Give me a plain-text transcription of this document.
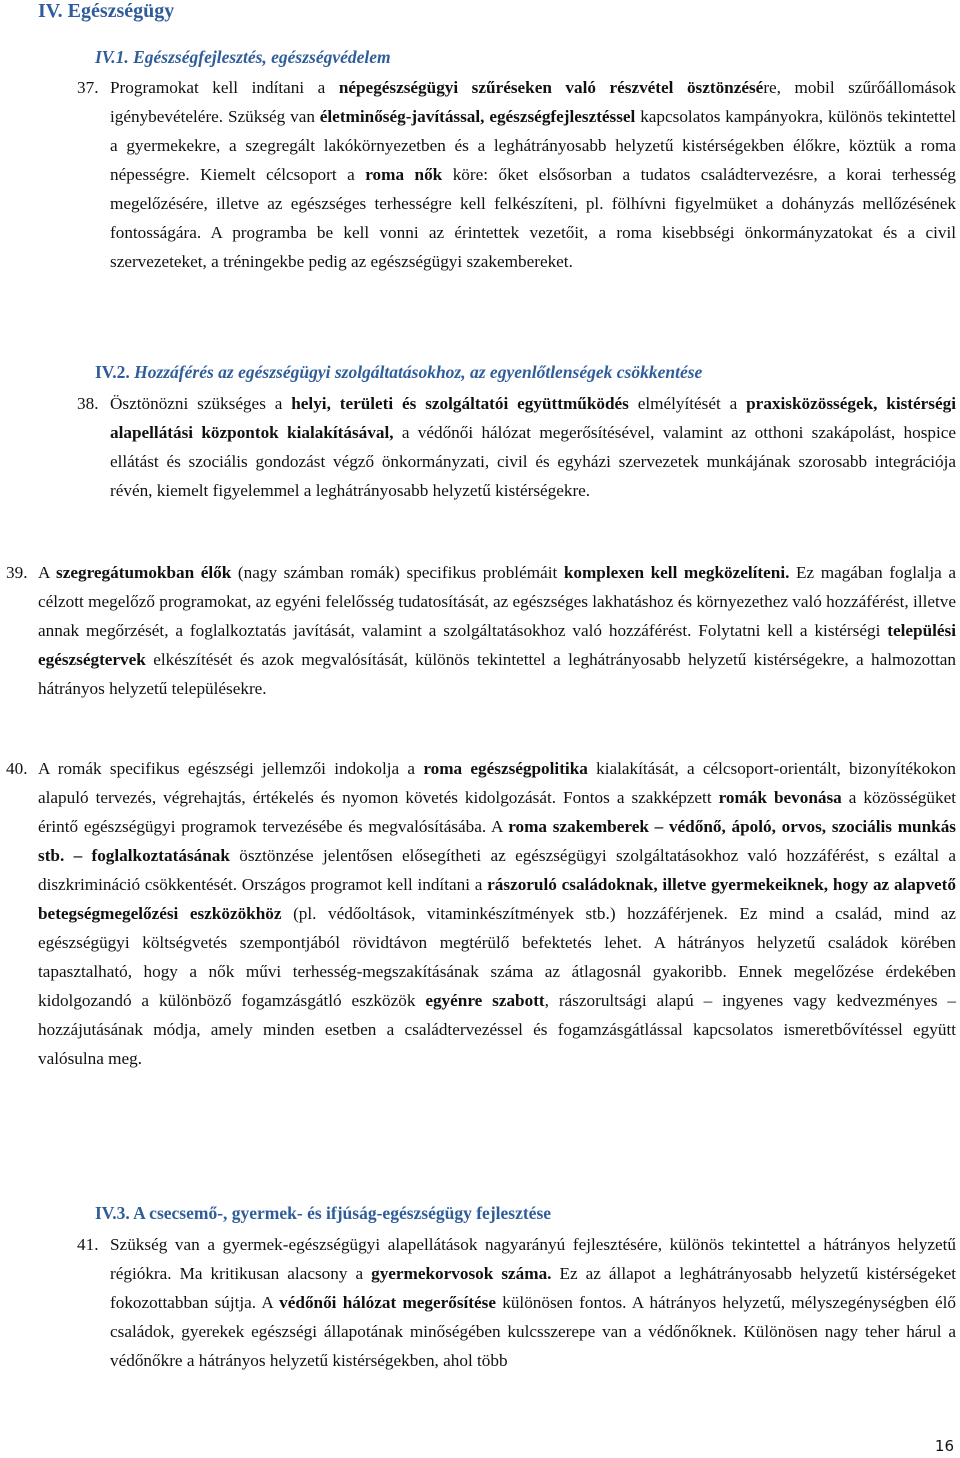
IV. Egészségügy
IV.1. Egészségfejlesztés, egészségvédelem
37. Programokat kell indítani a népegészségügyi szűréseken való részvétel ösztönzésére, mobil szűrőállomások igénybevételére. Szükség van életminőség-javítással, egészségfejlesztéssel kapcsolatos kampányokra, különös tekintettel a gyermekekre, a szegregált lakókörnyezetben és a leghátrányosabb helyzetű kistérségekben élőkre, köztük a roma népességre. Kiemelt célcsoport a roma nők köre: őket elsősorban a tudatos családtervezésre, a korai terhesség megelőzésére, illetve az egészséges terhességre kell felkészíteni, pl. fölhívni figyelmüket a dohányzás mellőzésének fontosságára. A programba be kell vonni az érintettek vezetőit, a roma kisebbségi önkormányzatokat és a civil szervezeteket, a tréningekbe pedig az egészségügyi szakembereket.
IV.2. Hozzáférés az egészségügyi szolgáltatásokhoz, az egyenlőtlenségek csökkentése
38. Ösztönözni szükséges a helyi, területi és szolgáltatói együttműködés elmélyítését a praxisközösségek, kistérségi alapellátási központok kialakításával, a védőnői hálózat megerősítésével, valamint az otthoni szakápolást, hospice ellátást és szociális gondozást végző önkormányzati, civil és egyházi szervezetek munkájának szorosabb integrációja révén, kiemelt figyelemmel a leghátrányosabb helyzetű kistérségekre.
39. A szegregátumokban élők (nagy számban romák) specifikus problémáit komplexen kell megközelíteni. Ez magában foglalja a célzott megelőző programokat, az egyéni felelősség tudatosítását, az egészséges lakhatáshoz és környezethez való hozzáférést, illetve annak megőrzését, a foglalkoztatás javítását, valamint a szolgáltatásokhoz való hozzáférést. Folytatni kell a kistérségi települési egészségtervek elkészítését és azok megvalósítását, különös tekintettel a leghátrányosabb helyzetű kistérségekre, a halmozottan hátrányos helyzetű településekre.
40. A romák specifikus egészségi jellemzői indokolja a roma egészségpolitika kialakítását, a célcsoport-orientált, bizonyítékokon alapuló tervezés, végrehajtás, értékelés és nyomon követés kidolgozását. Fontos a szakképzett romák bevonása a közösségüket érintő egészségügyi programok tervezésébe és megvalósításába. A roma szakemberek – védőnő, ápoló, orvos, szociális munkás stb. – foglalkoztatásának ösztönzése jelentősen elősegítheti az egészségügyi szolgáltatásokhoz való hozzáférést, s ezáltal a diszkrimináció csökkentését. Országos programot kell indítani a rászoruló családoknak, illetve gyermekeiknek, hogy az alapvető betegségmegelőzési eszközökhöz (pl. védőoltások, vitaminkészítmények stb.) hozzáférjenek. Ez mind a család, mind az egészségügyi költségvetés szempontjából rövidtávon megtérülő befektetés lehet. A hátrányos helyzetű családok körében tapasztalható, hogy a nők művi terhesség-megszakításának száma az átlagosnál gyakoribb. Ennek megelőzése érdekében kidolgozandó a különböző fogamzásgátló eszközök egyénre szabott, rászorultsági alapú – ingyenes vagy kedvezményes – hozzájutásának módja, amely minden esetben a családtervezéssel és fogamzásgátlással kapcsolatos ismeretbővítéssel együtt valósulna meg.
IV.3. A csecsemő-, gyermek- és ifjúság-egészségügy fejlesztése
41. Szükség van a gyermek-egészségügyi alapellátások nagyarányú fejlesztésére, különös tekintettel a hátrányos helyzetű régiókra. Ma kritikusan alacsony a gyermekorvosok száma. Ez az állapot a leghátrányosabb helyzetű kistérségeket fokozottabban sújtja. A védőnői hálózat megerősítése különösen fontos. A hátrányos helyzetű, mélyszegénységben élő családok, gyerekek egészségi állapotának minőségében kulcsszerepe van a védőnőknek. Különösen nagy teher hárul a védőnőkre a hátrányos helyzetű kistérségekben, ahol több
16
